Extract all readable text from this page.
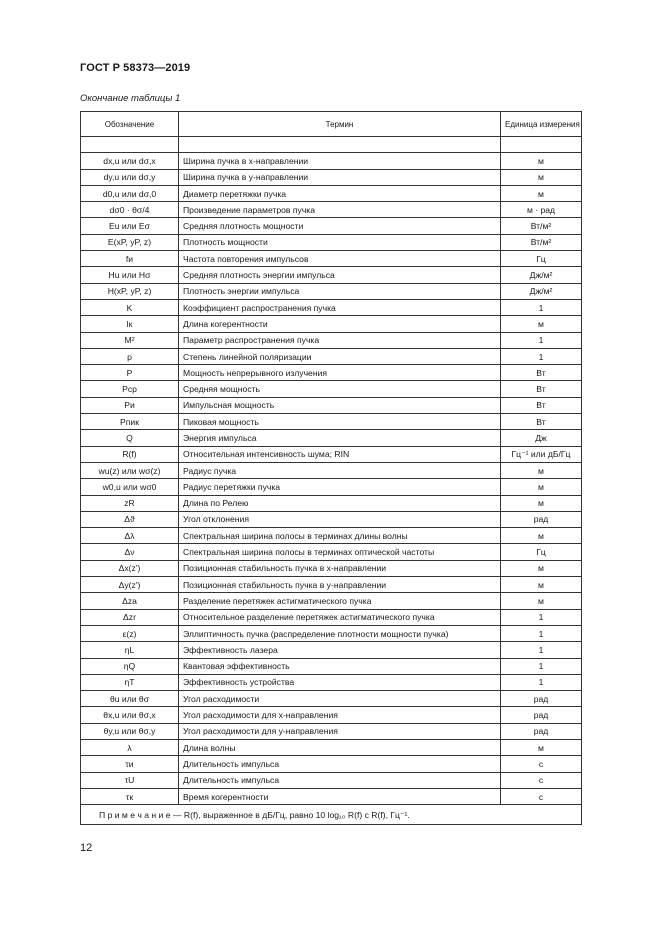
ГОСТ Р 58373—2019
Окончание таблицы 1
Обозначение	Термин	Единица измерения

dx,u или dσ,x	Ширина пучка в x-направлении	м
dy,u или dσ,y	Ширина пучка в y-направлении	м
d0,u или dσ,0	Диаметр перетяжки пучка	м
dσ0 · θσ/4	Произведение параметров пучка	м · рад
Eu или Eσ	Средняя плотность мощности	Вт/м²
E(xP, yP, z)	Плотность мощности	Вт/м²
fи	Частота повторения импульсов	Гц
Hu или Hσ	Средняя плотность энергии импульса	Дж/м²
H(xP, yP, z)	Плотность энергии импульса	Дж/м²
K	Коэффициент распространения пучка	1
lк	Длина когерентности	м
M²	Параметр распространения пучка	1
p	Степень линейной поляризации	1
P	Мощность непрерывного излучения	Вт
Pср	Средняя мощность	Вт
Pи	Импульсная мощность	Вт
Pпик	Пиковая мощность	Вт
Q	Энергия импульса	Дж
R(f)	Относительная интенсивность шума; RIN	Гц⁻¹ или дБ/Гц
wu(z) или wσ(z)	Радиус пучка	м
w0,u или wσ0	Радиус перетяжки пучка	м
zR	Длина по Релею	м
Δϑ	Угол отклонения	рад
Δλ	Спектральная ширина полосы в терминах длины волны	м
Δν	Спектральная ширина полосы в терминах оптической частоты	Гц
Δx(z')	Позиционная стабильность пучка в x-направлении	м
Δy(z')	Позиционная стабильность пучка в y-направлении	м
Δza	Разделение перетяжек астигматического пучка	м
Δzr	Относительное разделение перетяжек астигматического пучка	1
ε(z)	Эллиптичность пучка (распределение плотности мощности пучка)	1
ηL	Эффективность лазера	1
ηQ	Квантовая эффективность	1
ηT	Эффективность устройства	1
θu или θσ	Угол расходимости	рад
θx,u или θσ,x	Угол расходимости для x-направления	рад
θy,u или θσ,y	Угол расходимости для y-направления	рад
λ	Длина волны	м
τи	Длительность импульса	с
τU	Длительность импульса	с
τк	Время когерентности	с
П р и м е ч а н и е — R(f), выраженное в дБ/Гц, равно 10 log₁₀ R(f) с R(f), Гц⁻¹.		
12
